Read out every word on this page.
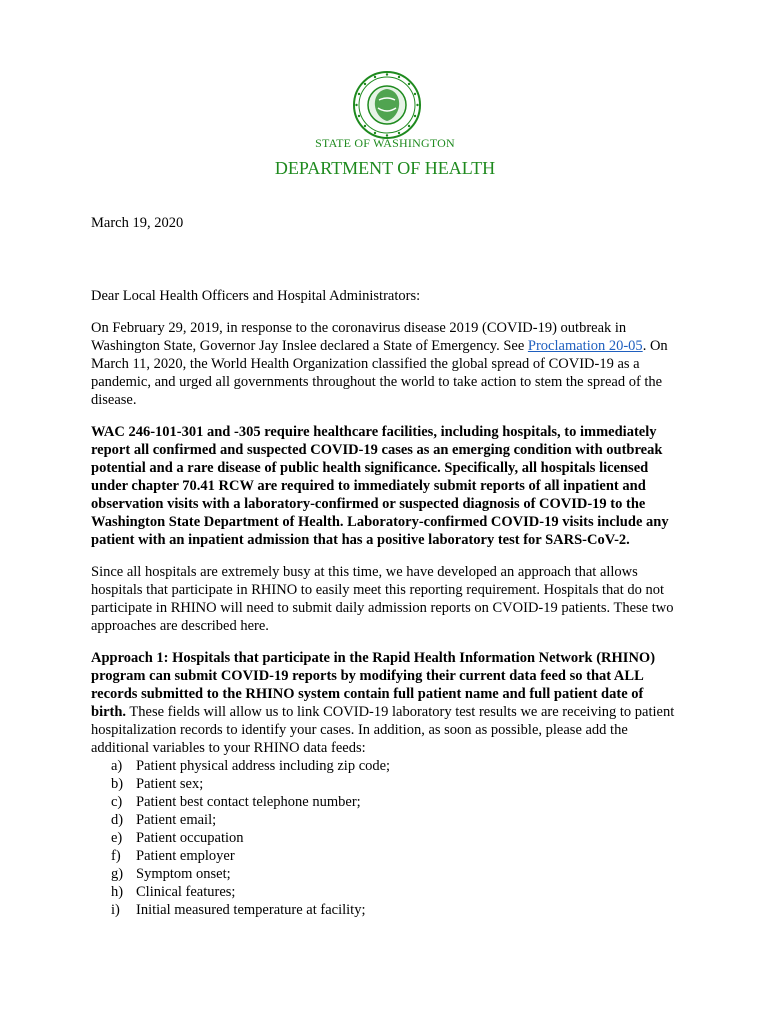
STATE OF WASHINGTON
DEPARTMENT OF HEALTH
March 19, 2020

Dear Local Health Officers and Hospital Administrators:

On February 29, 2019, in response to the coronavirus disease 2019 (COVID-19) outbreak in Washington State, Governor Jay Inslee declared a State of Emergency. See Proclamation 20-05. On March 11, 2020, the World Health Organization classified the global spread of COVID-19 as a pandemic, and urged all governments throughout the world to take action to stem the spread of the disease.

WAC 246-101-301 and -305 require healthcare facilities, including hospitals, to immediately report all confirmed and suspected COVID-19 cases as an emerging condition with outbreak potential and a rare disease of public health significance. Specifically, all hospitals licensed under chapter 70.41 RCW are required to immediately submit reports of all inpatient and observation visits with a laboratory-confirmed or suspected diagnosis of COVID-19 to the Washington State Department of Health. Laboratory-confirmed COVID-19 visits include any patient with an inpatient admission that has a positive laboratory test for SARS-CoV-2.

Since all hospitals are extremely busy at this time, we have developed an approach that allows hospitals that participate in RHINO to easily meet this reporting requirement. Hospitals that do not participate in RHINO will need to submit daily admission reports on CVOID-19 patients. These two approaches are described here.

Approach 1: Hospitals that participate in the Rapid Health Information Network (RHINO) program can submit COVID-19 reports by modifying their current data feed so that ALL records submitted to the RHINO system contain full patient name and full patient date of birth. These fields will allow us to link COVID-19 laboratory test results we are receiving to patient hospitalization records to identify your cases. In addition, as soon as possible, please add the additional variables to your RHINO data feeds:

a) Patient physical address including zip code;
b) Patient sex;
c) Patient best contact telephone number;
d) Patient email;
e) Patient occupation
f)	Patient employer
g) Symptom onset;
h) Clinical features;
i)	Initial measured temperature at facility;
